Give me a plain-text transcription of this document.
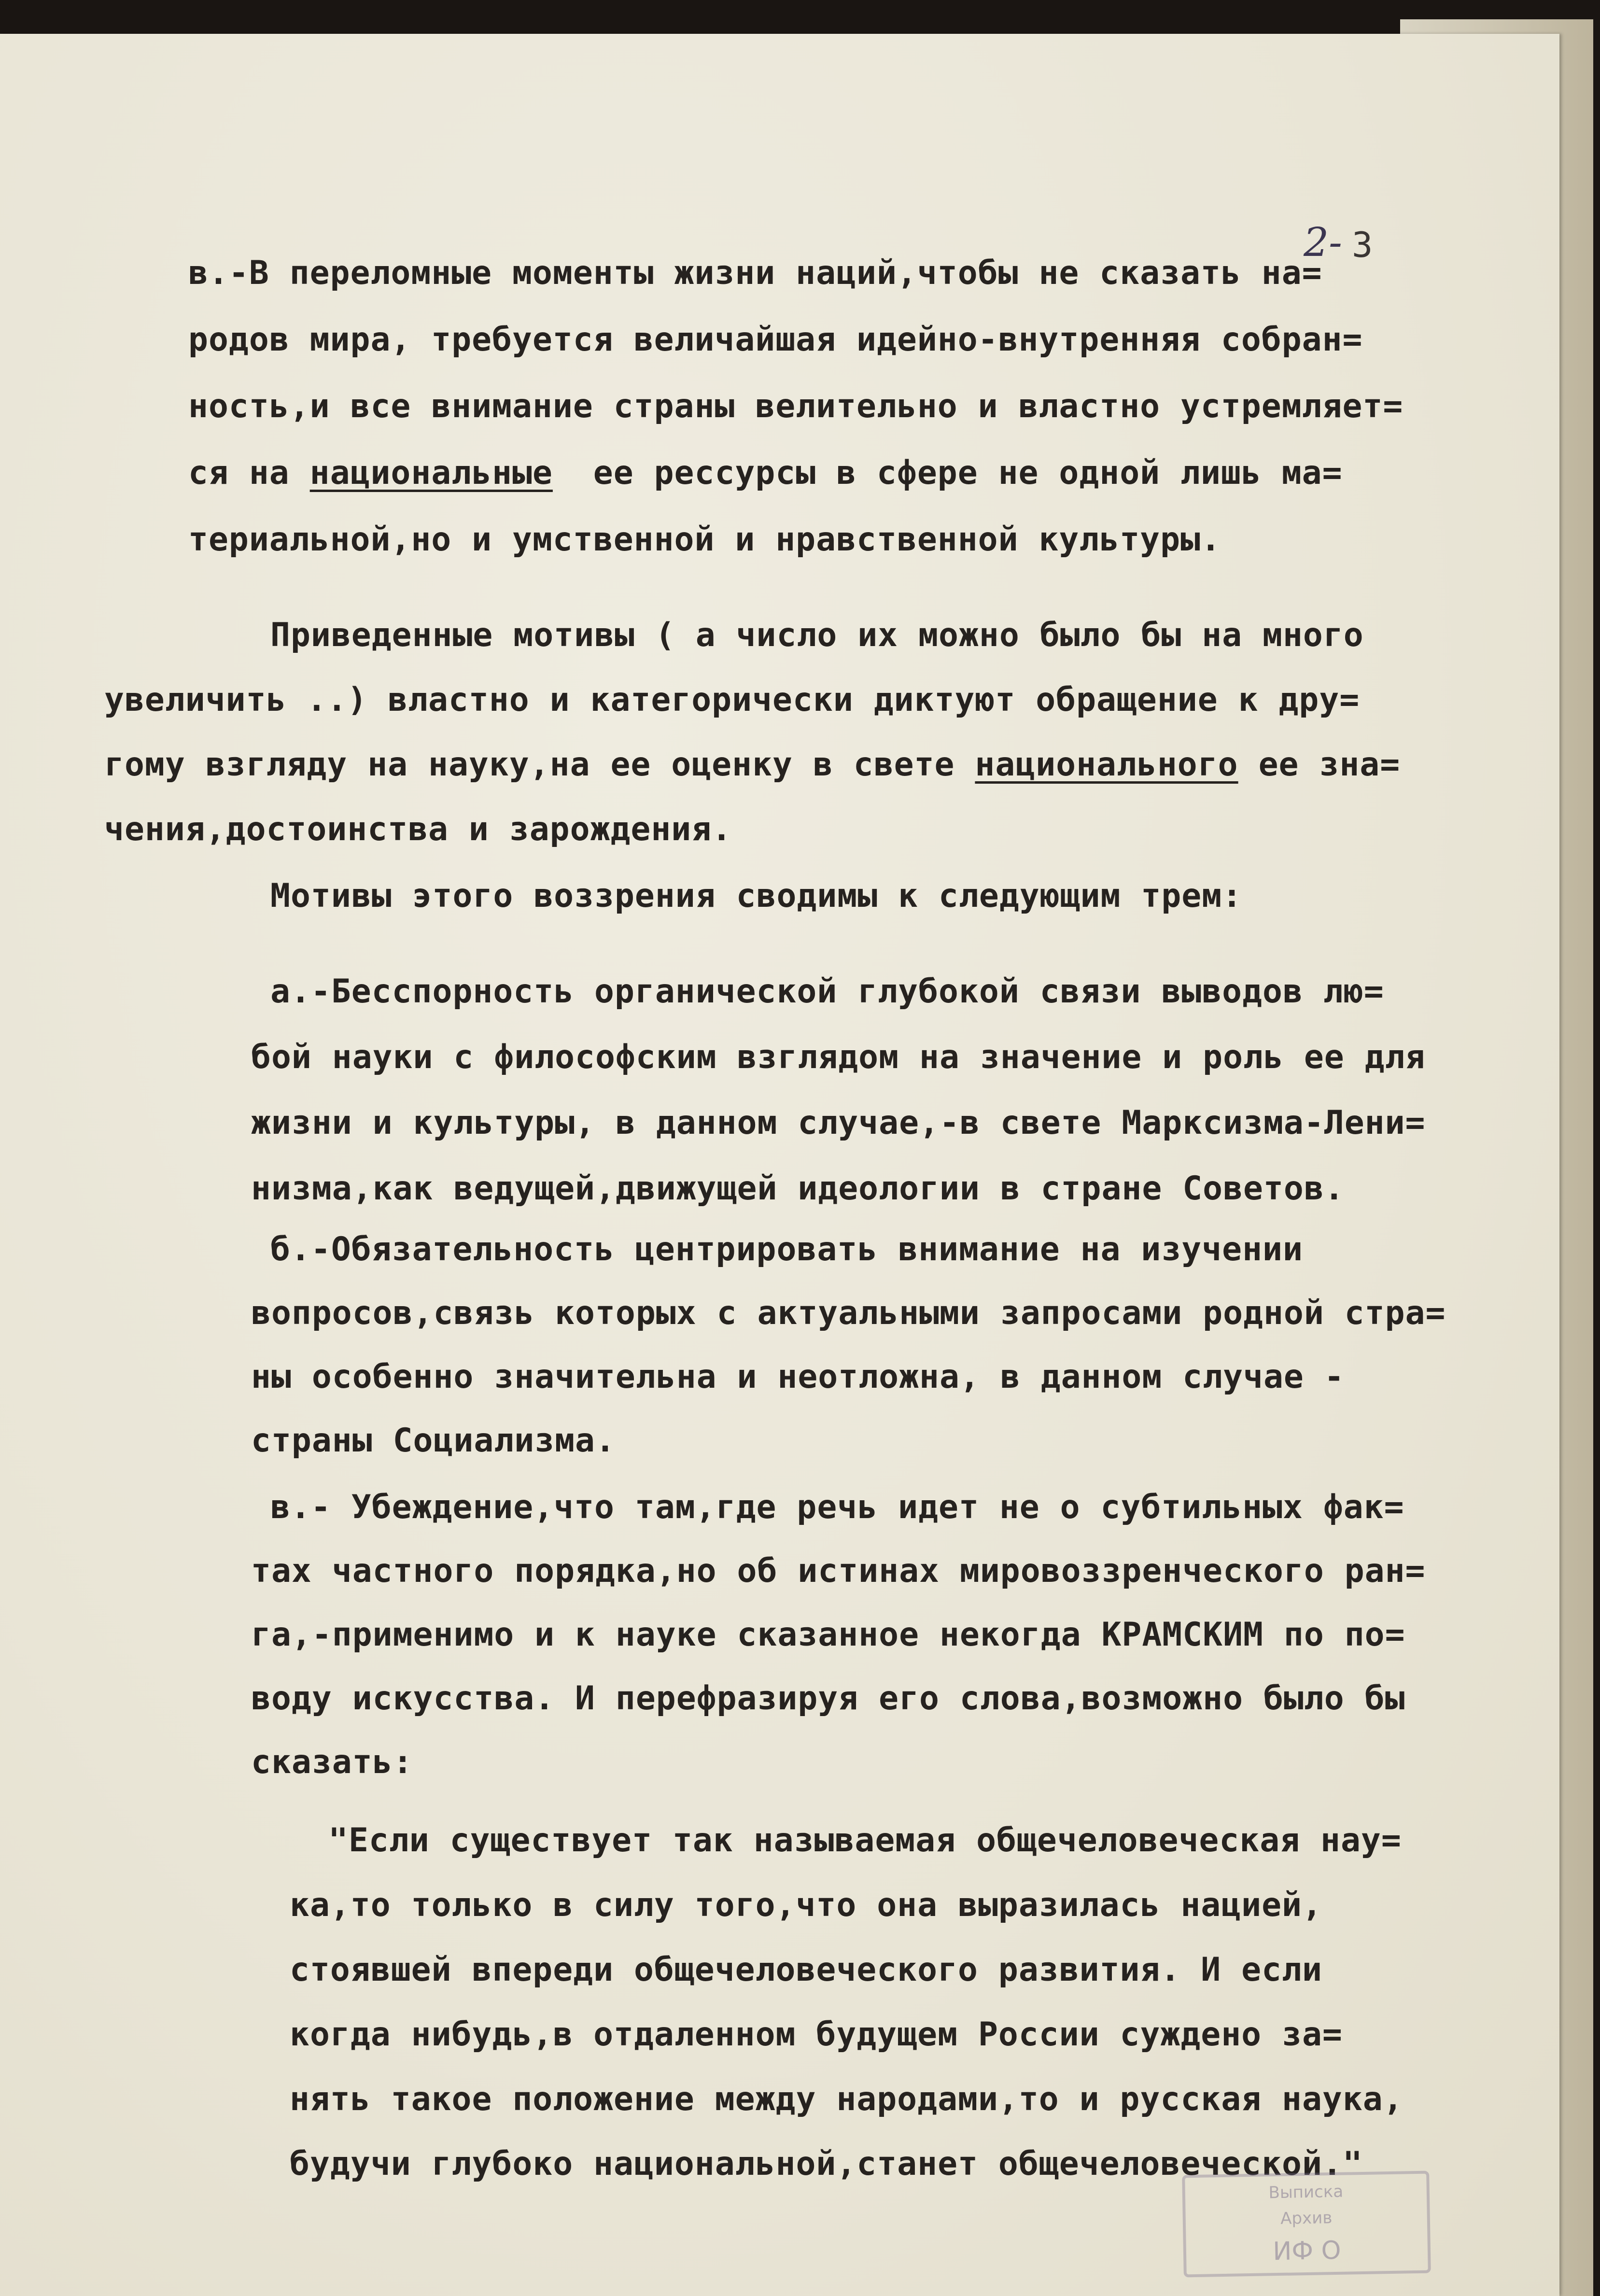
2- 3
в.-В переломные моменты жизни наций,чтобы не сказать на=
родов мира, требуется величайшая идейно-внутренняя собран=
ность,и все внимание страны велительно и властно устремляет=
ся на национальные  ее рессурсы в сфере не одной лишь ма=
териальной,но и умственной и нравственной культуры.
Приведенные мотивы ( а число их можно было бы на много
увеличить ..) властно и категорически диктуют обращение к дру=
гому взгляду на науку,на ее оценку в свете национального ее зна=
чения,достоинства и зарождения.
Мотивы этого воззрения сводимы к следующим трем:
а.-Бесспорность органической глубокой связи выводов лю=
бой науки с философским взглядом на значение и роль ее для
жизни и культуры, в данном случае,-в свете Марксизма-Лени=
низма,как ведущей,движущей идеологии в стране Советов.
б.-Обязательность центрировать внимание на изучении
вопросов,связь которых с актуальными запросами родной стра=
ны особенно значительна и неотложна, в данном случае -
страны Социализма.
в.- Убеждение,что там,где речь идет не о субтильных фак=
тах частного порядка,но об истинах мировоззренческого ран=
га,-применимо и к науке сказанное некогда КРАМСКИМ по по=
воду искусства. И перефразируя его слова,возможно было бы
сказать:
"Если существует так называемая общечеловеческая нау=
ка,то только в силу того,что она выразилась нацией,
стоявшей впереди общечеловеческого развития. И если
когда нибудь,в отдаленном будущем России суждено за=
нять такое положение между народами,то и русская наука,
будучи глубоко национальной,станет общечеловеческой."
Выписка
Архив
ИФ О
